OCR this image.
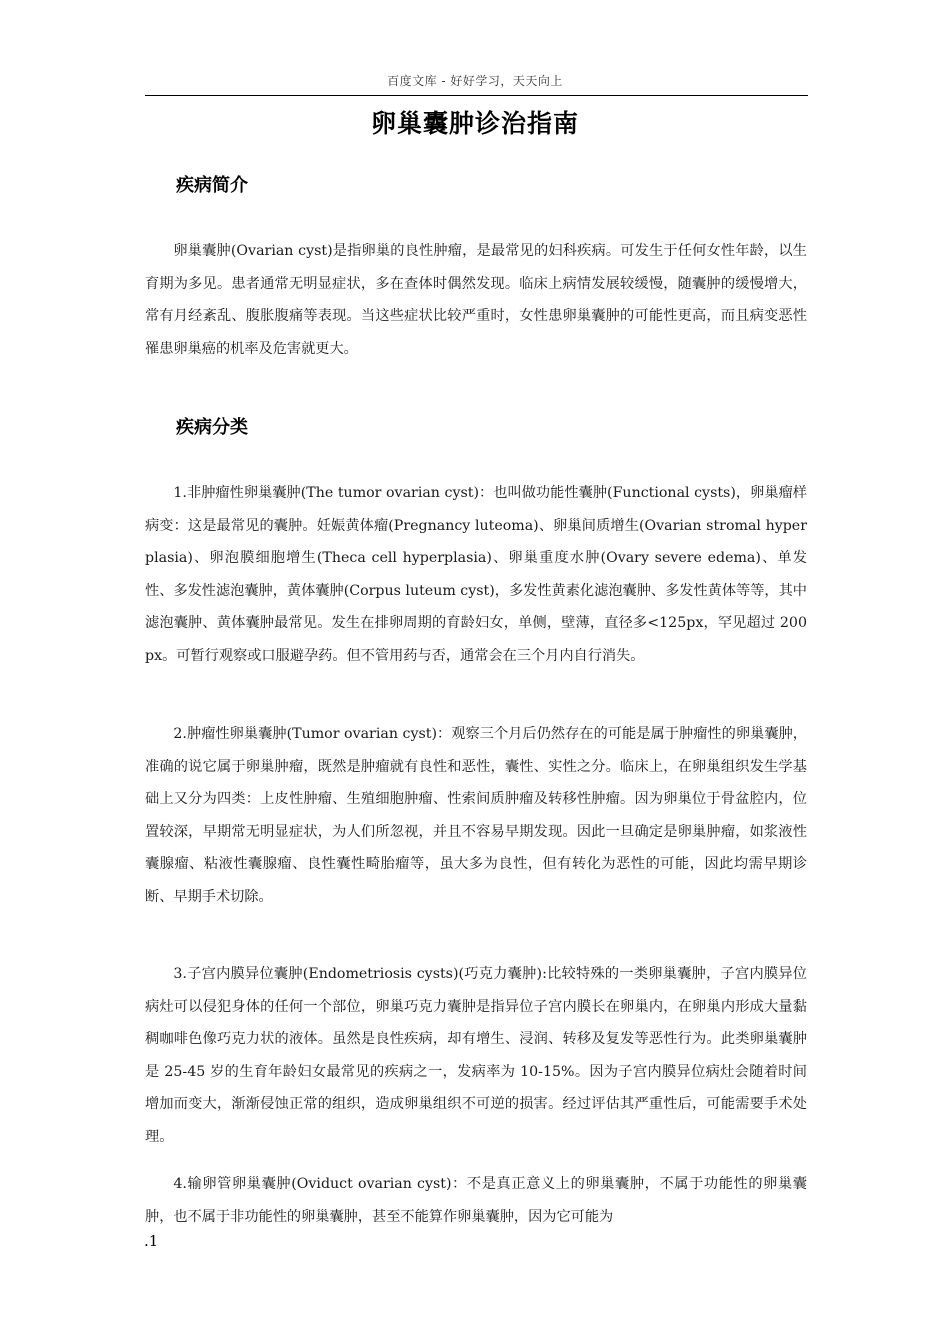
百度文库 - 好好学习，天天向上
卵巢囊肿诊治指南
疾病简介

卵巢囊肿(Ovarian cyst)是指卵巢的良性肿瘤，是最常见的妇科疾病。可发生于任何女性年龄，以生育期为多见。患者通常无明显症状，多在查体时偶然发现。临床上病情发展较缓慢，随囊肿的缓慢增大，常有月经紊乱、腹胀腹痛等表现。当这些症状比较严重时，女性患卵巢囊肿的可能性更高，而且病变恶性罹患卵巢癌的机率及危害就更大。

疾病分类

1.非肿瘤性卵巢囊肿(The tumor ovarian cyst)：也叫做功能性囊肿(Functional cysts)，卵巢瘤样病变：这是最常见的囊肿。妊娠黄体瘤(Pregnancy luteoma)、卵巢间质增生(Ovarian stromal hyperplasia)、卵泡膜细胞增生(Theca cell hyperplasia)、卵巢重度水肿(Ovary severe edema)、单发性、多发性滤泡囊肿，黄体囊肿(Corpus luteum cyst)，多发性黄素化滤泡囊肿、多发性黄体等等，其中滤泡囊肿、黄体囊肿最常见。发生在排卵周期的育龄妇女，单侧，壁薄，直径多<125px，罕见超过 200px。可暂行观察或口服避孕药。但不管用药与否，通常会在三个月内自行消失。

2.肿瘤性卵巢囊肿(Tumor ovarian cyst)：观察三个月后仍然存在的可能是属于肿瘤性的卵巢囊肿，准确的说它属于卵巢肿瘤，既然是肿瘤就有良性和恶性，囊性、实性之分。临床上，在卵巢组织发生学基础上又分为四类：上皮性肿瘤、生殖细胞肿瘤、性索间质肿瘤及转移性肿瘤。因为卵巢位于骨盆腔内，位置较深，早期常无明显症状，为人们所忽视，并且不容易早期发现。因此一旦确定是卵巢肿瘤，如浆液性囊腺瘤、粘液性囊腺瘤、良性囊性畸胎瘤等，虽大多为良性，但有转化为恶性的可能，因此均需早期诊断、早期手术切除。

3.子宫内膜异位囊肿(Endometriosis cysts)(巧克力囊肿):比较特殊的一类卵巢囊肿，子宫内膜异位病灶可以侵犯身体的任何一个部位，卵巢巧克力囊肿是指异位子宫内膜长在卵巢内，在卵巢内形成大量黏稠咖啡色像巧克力状的液体。虽然是良性疾病，却有增生、浸润、转移及复发等恶性行为。此类卵巢囊肿是 25-45 岁的生育年龄妇女最常见的疾病之一，发病率为 10-15%。因为子宫内膜异位病灶会随着时间增加而变大，渐渐侵蚀正常的组织，造成卵巢组织不可逆的损害。经过评估其严重性后，可能需要手术处理。

4.输卵管卵巢囊肿(Oviduct ovarian cyst)：不是真正意义上的卵巢囊肿，不属于功能性的卵巢囊肿，也不属于非功能性的卵巢囊肿，甚至不能算作卵巢囊肿，因为它可能为

.1
